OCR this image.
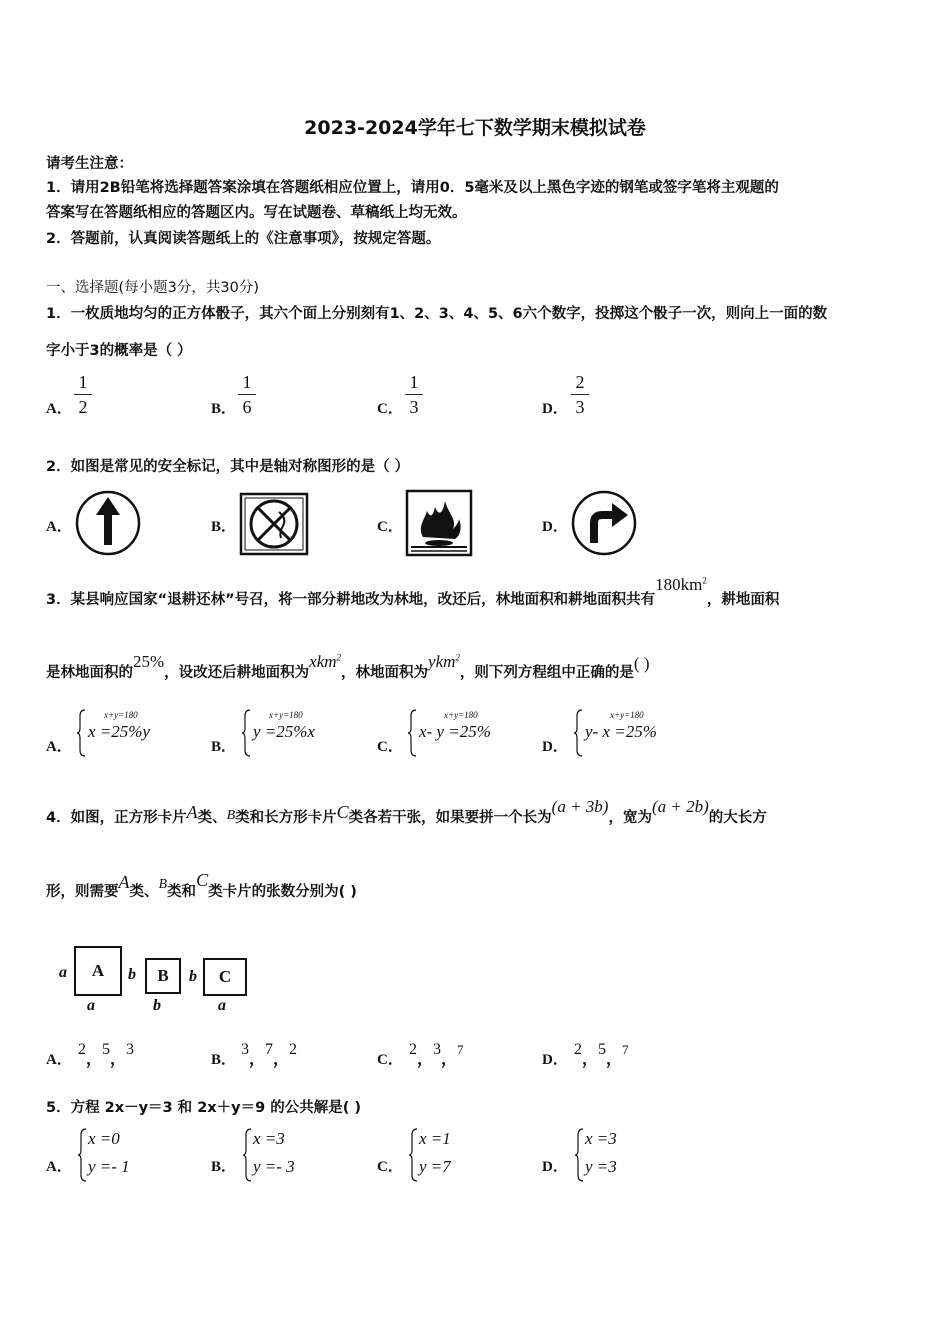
2023-2024学年七下数学期末模拟试卷
请考生注意：
1．请用2B铅笔将选择题答案涂填在答题纸相应位置上，请用0．5毫米及以上黑色字迹的钢笔或签字笔将主观题的
答案写在答题纸相应的答题区内。写在试题卷、草稿纸上均无效。
2．答题前，认真阅读答题纸上的《注意事项》，按规定答题。
一、选择题(每小题3分，共30分)
1．一枚质地均匀的正方体骰子，其六个面上分别刻有1、2、3、4、5、6六个数字，投掷这个骰子一次，则向上一面的数
字小于3的概率是（ ）
A．
1
2	B．
1
6	C．
1
3	D．
2
3
2．如图是常见的安全标记，其中是轴对称图形的是（ ）
A．	B．	C．	D．
3．某县响应国家“退耕还林”号召，将一部分耕地改为林地，改还后，林地面积和耕地面积共有$180km^2$，耕地面积
是林地面积的25%，设改还后耕地面积为xkm$^2$，林地面积为ykm$^2$，则下列方程组中正确的是( )
A．
x+y=180
x =25%y
B．
x+y=180
y =25%x
C．
x+y=180
x- y =25%
D．
x+y=180
y- x =25%
4．如图，正方形卡片A类、B类和长方形卡片C类各若干张，如果要拼一个长为(a + 3b)，宽为(a + 2b)的大长方
形，则需要A类、B类和C类卡片的张数分别为( )
a	A
a
b	B
b
b	C
a
A．
2，5，3
B．
3，7，2
C．
2，3，7
D．
2，5，7
5．方程 2x－y＝3 和 2x＋y＝9 的公共解是( )
A．
x =0
y =- 1	B．
x =3
y =- 3	C．
x =1
y =7	D．
x =3
y =3
